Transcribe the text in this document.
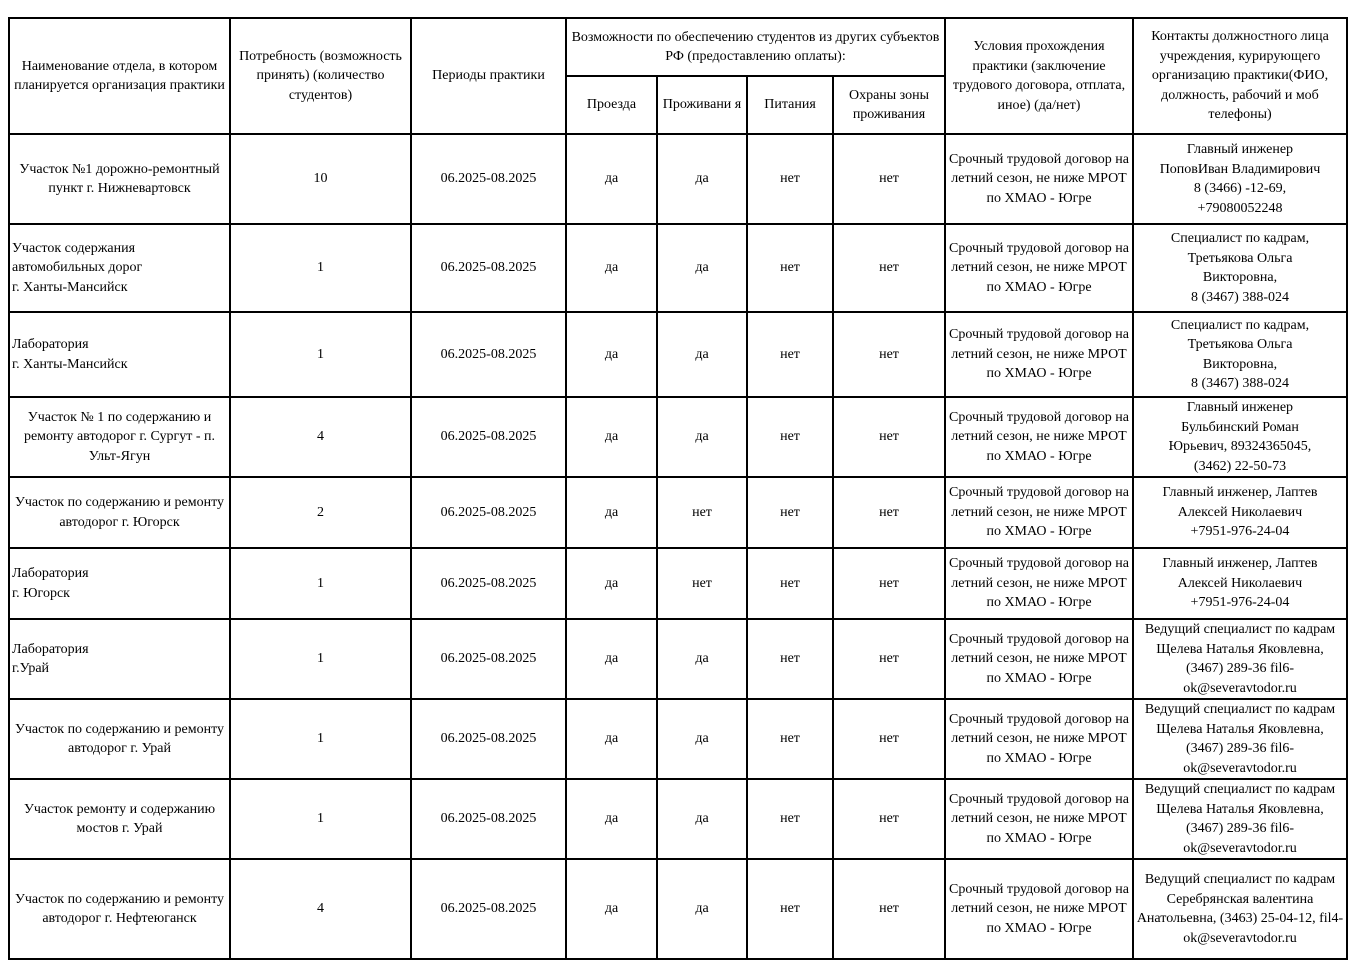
Наименование отдела, в котором планируется организация практики	Потребность (возможность принять) (количество студентов)	Периоды практики	Возможности по обеспечению студентов из других субъектов РФ (предоставлению оплаты):				Условия прохождения практики (заключение трудового договора, отплата, иное) (да/нет)	Контакты должностного лица учреждения, курирующего организацию практики(ФИО, должность, рабочий и моб телефоны)
			Проезда	Проживани я	Питания	Охраны зоны проживания		
Участок №1 дорожно-ремонтный пункт г. Нижневартовск	10	06.2025-08.2025	да	да	нет	нет	Срочный трудовой договор на летний сезон, не ниже МРОТ по ХМАО - Югре	Главный инженер
ПоповИван Владимирович
8 (3466) -12-69,
+79080052248
Участок содержания
автомобильных дорог
г. Ханты-Мансийск	1	06.2025-08.2025	да	да	нет	нет	Срочный трудовой договор на летний сезон, не ниже МРОТ по ХМАО - Югре	Специалист по кадрам,
Третьякова Ольга
Викторовна,
8 (3467) 388-024
Лаборатория
г. Ханты-Мансийск	1	06.2025-08.2025	да	да	нет	нет	Срочный трудовой договор на летний сезон, не ниже МРОТ по ХМАО - Югре	Специалист по кадрам,
Третьякова Ольга
Викторовна,
8 (3467) 388-024
Участок № 1 по содержанию и ремонту автодорог г. Сургут - п. Ульт-Ягун	4	06.2025-08.2025	да	да	нет	нет	Срочный трудовой договор на летний сезон, не ниже МРОТ по ХМАО - Югре	Главный инженер
Бульбинский Роман
Юрьевич, 89324365045,
(3462) 22-50-73
Участок по содержанию и ремонту автодорог г. Югорск	2	06.2025-08.2025	да	нет	нет	нет	Срочный трудовой договор на летний сезон, не ниже МРОТ по ХМАО - Югре	Главный инженер, Лаптев
Алексей Николаевич
+7951-976-24-04
Лаборатория
г. Югорск	1	06.2025-08.2025	да	нет	нет	нет	Срочный трудовой договор на летний сезон, не ниже МРОТ по ХМАО - Югре	Главный инженер, Лаптев
Алексей Николаевич
+7951-976-24-04
Лаборатория
г.Урай	1	06.2025-08.2025	да	да	нет	нет	Срочный трудовой договор на летний сезон, не ниже МРОТ по ХМАО - Югре	Ведущий специалист по кадрам Щелева Наталья Яковлевна, (3467) 289-36 fil6-ok@severavtodor.ru
Участок по содержанию и ремонту автодорог г. Урай	1	06.2025-08.2025	да	да	нет	нет	Срочный трудовой договор на летний сезон, не ниже МРОТ по ХМАО - Югре	Ведущий специалист по кадрам Щелева Наталья Яковлевна, (3467) 289-36 fil6-ok@severavtodor.ru
Участок ремонту и содержанию мостов г. Урай	1	06.2025-08.2025	да	да	нет	нет	Срочный трудовой договор на летний сезон, не ниже МРОТ по ХМАО - Югре	Ведущий специалист по кадрам Щелева Наталья Яковлевна, (3467) 289-36 fil6-ok@severavtodor.ru
Участок по содержанию и ремонту автодорог г. Нефтеюганск	4	06.2025-08.2025	да	да	нет	нет	Срочный трудовой договор на летний сезон, не ниже МРОТ по ХМАО - Югре	Ведущий специалист по кадрам Серебрянская валентина Анатольевна, (3463) 25-04-12, fil4-ok@severavtodor.ru
